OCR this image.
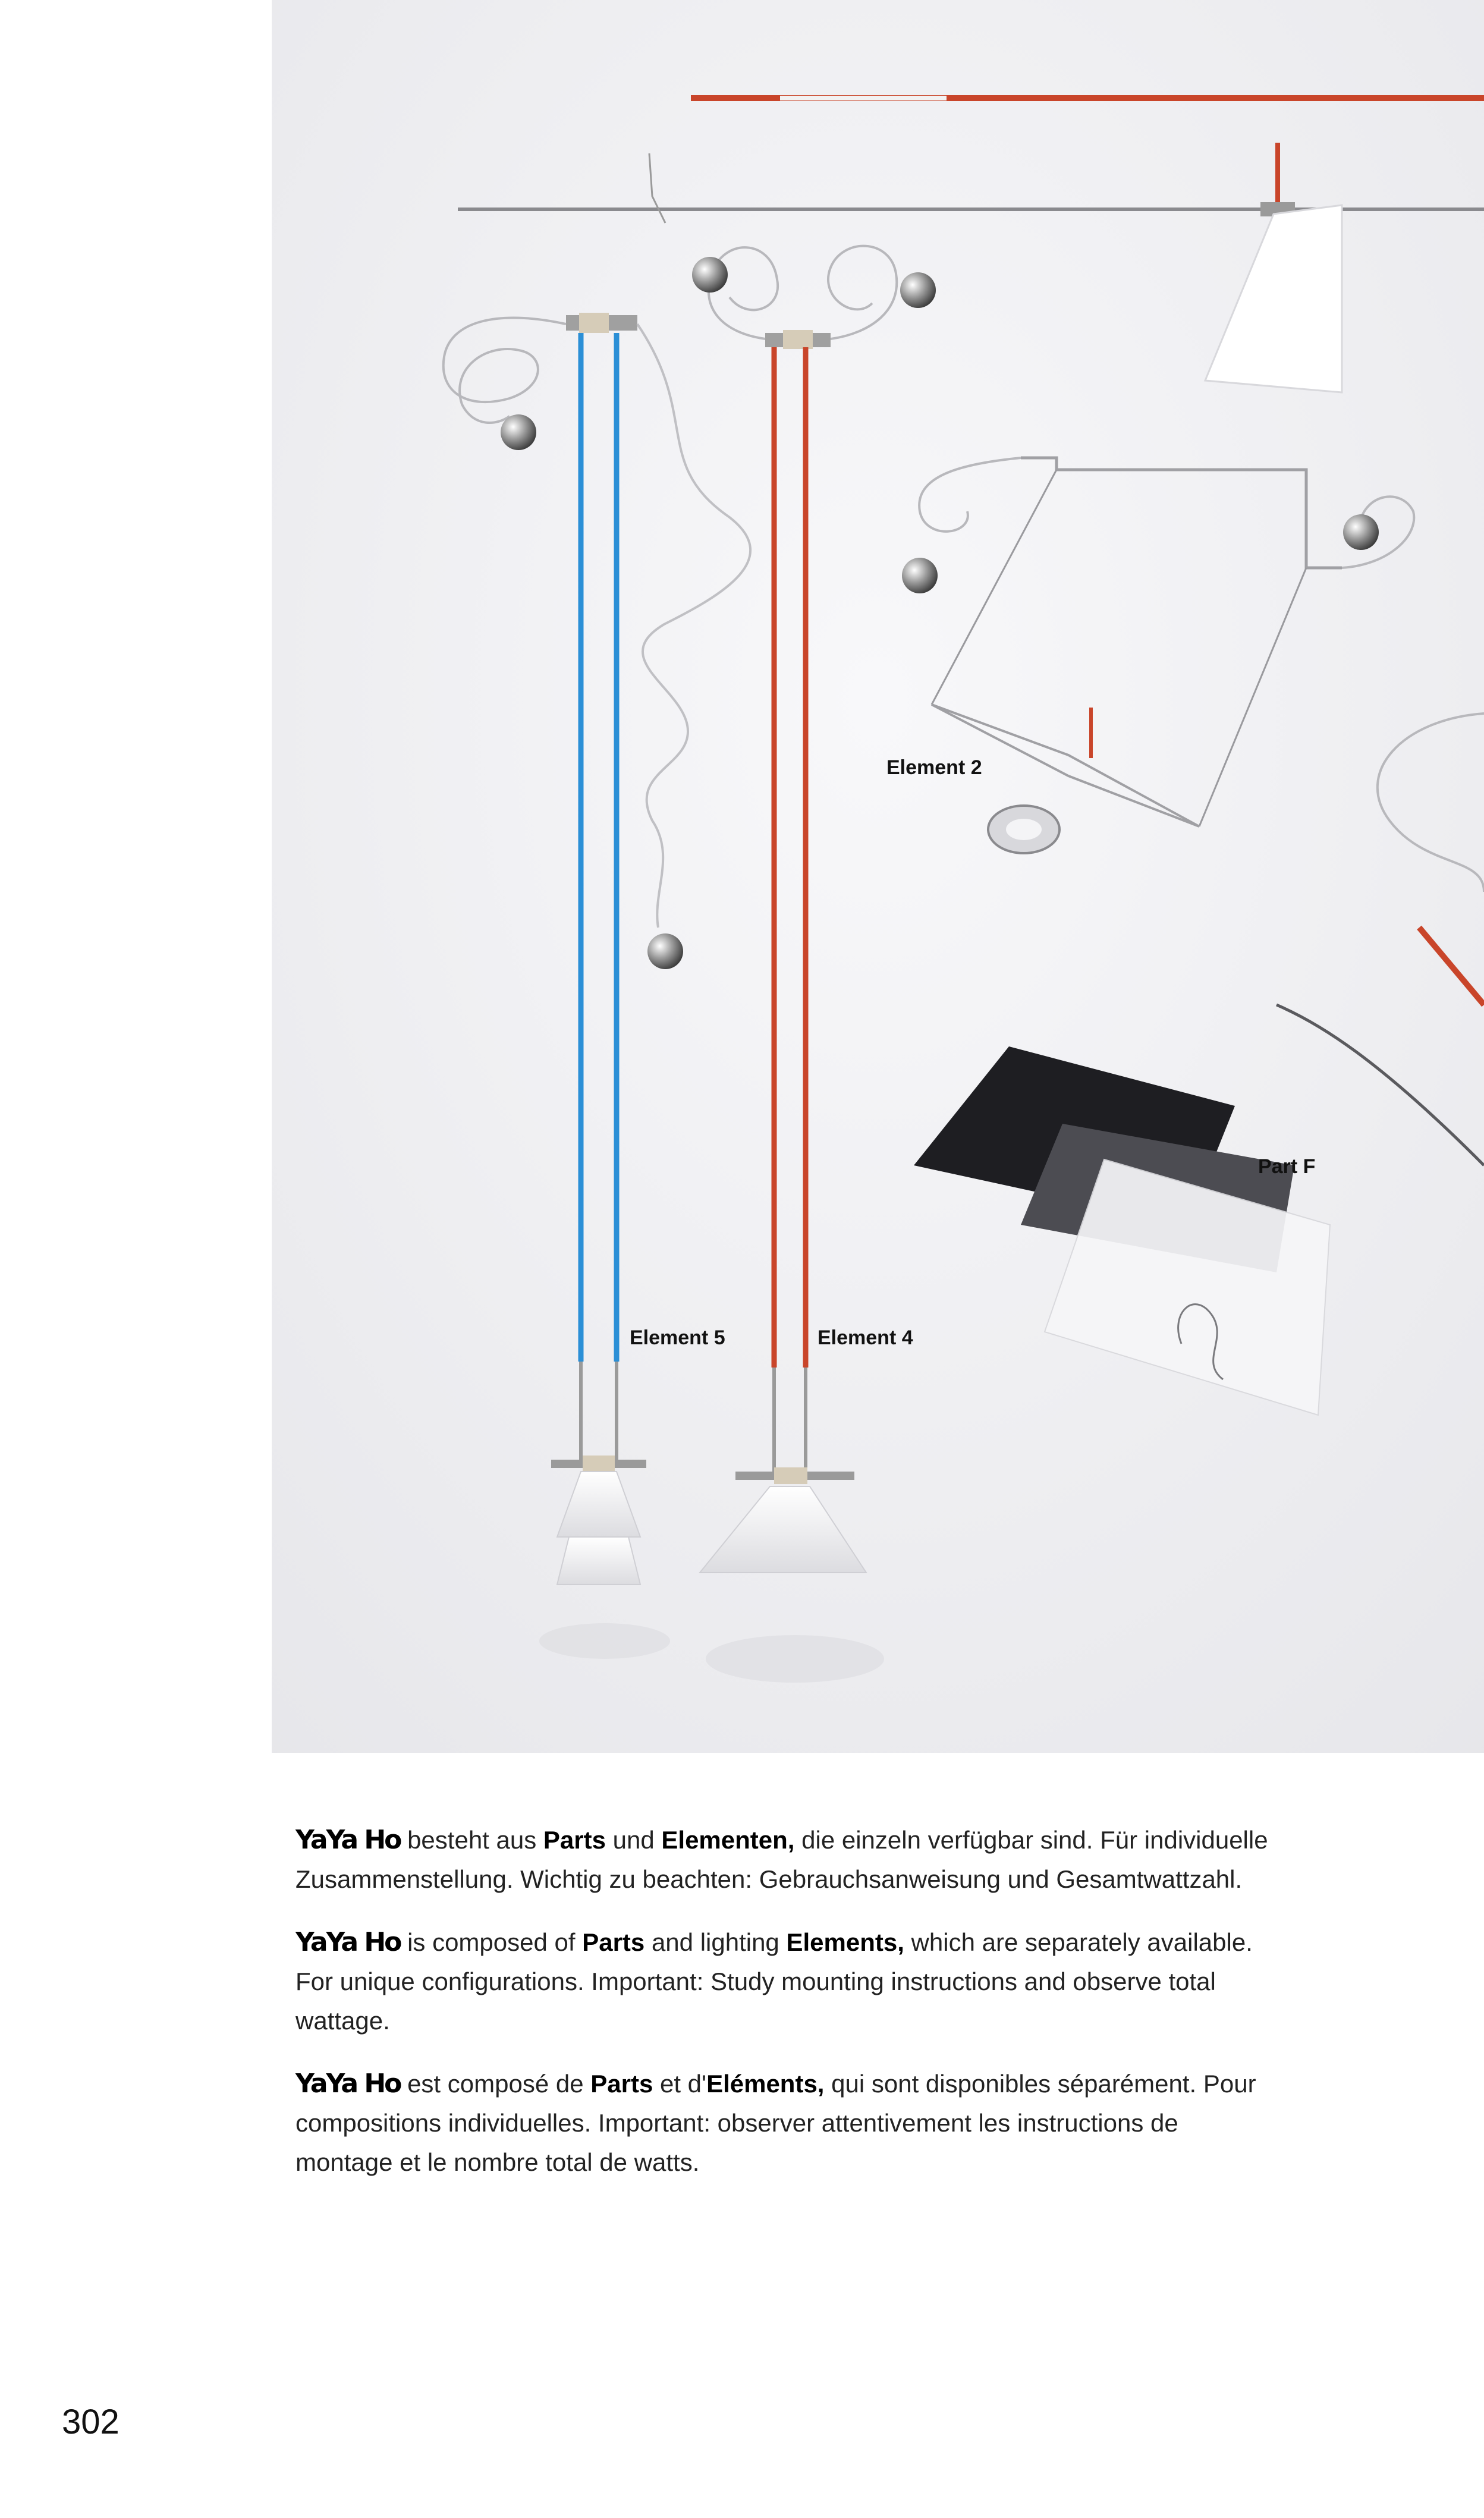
Element 2
Part F
Element 5	Element 4

YaYa Ho besteht aus Parts und Elementen, die einzeln verfügbar sind. Für individuelle Zusammenstellung. Wichtig zu beachten: Gebrauchsanweisung und Gesamtwattzahl.

YaYa Ho is composed of Parts and lighting Elements, which are separately available. For unique configurations. Important: Study mounting instructions and observe total wattage.

YaYa Ho est composé de Parts et d'Eléments, qui sont disponibles séparément. Pour compositions individuelles. Important: observer attentivement les instructions de montage et le nombre total de watts.

302
